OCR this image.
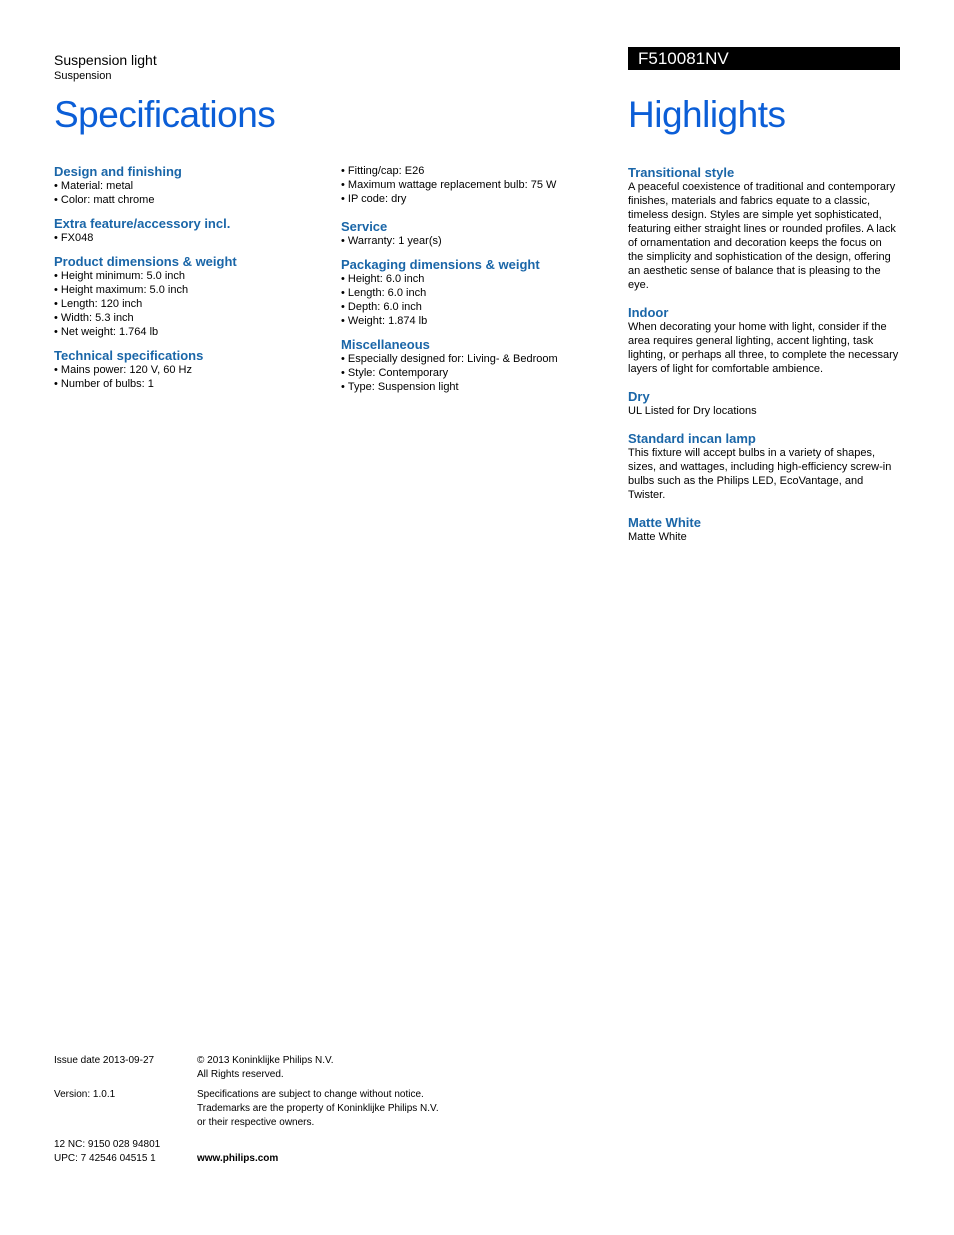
Suspension light
Suspension
Specifications
F510081NV
Highlights
Design and finishing
• Material: metal
• Color: matt chrome
Extra feature/accessory incl.
• FX048
Product dimensions & weight
• Height minimum: 5.0 inch
• Height maximum: 5.0 inch
• Length: 120 inch
• Width: 5.3 inch
• Net weight: 1.764 lb
Technical specifications
• Mains power: 120 V, 60 Hz
• Number of bulbs: 1
• Fitting/cap: E26
• Maximum wattage replacement bulb: 75 W
• IP code: dry
Service
• Warranty: 1 year(s)
Packaging dimensions & weight
• Height: 6.0 inch
• Length: 6.0 inch
• Depth: 6.0 inch
• Weight: 1.874 lb
Miscellaneous
• Especially designed for: Living- & Bedroom
• Style: Contemporary
• Type: Suspension light
Transitional style
A peaceful coexistence of traditional and contemporary finishes, materials and fabrics equate to a classic, timeless design. Styles are simple yet sophisticated, featuring either straight lines or rounded profiles. A lack of ornamentation and decoration keeps the focus on the simplicity and sophistication of the design, offering an aesthetic sense of balance that is pleasing to the eye.
Indoor
When decorating your home with light, consider if the area requires general lighting, accent lighting, task lighting, or perhaps all three, to complete the necessary layers of light for comfortable ambience.
Dry
UL Listed for Dry locations
Standard incan lamp
This fixture will accept bulbs in a variety of shapes, sizes, and wattages, including high-efficiency screw-in bulbs such as the Philips LED, EcoVantage, and Twister.
Matte White
Matte White
Issue date 2013-09-27	© 2013 Koninklijke Philips N.V.
All Rights reserved.
Version: 1.0.1	Specifications are subject to change without notice.
Trademarks are the property of Koninklijke Philips N.V.
or their respective owners.
12 NC: 9150 028 94801
UPC: 7 42546 04515 1	www.philips.com
